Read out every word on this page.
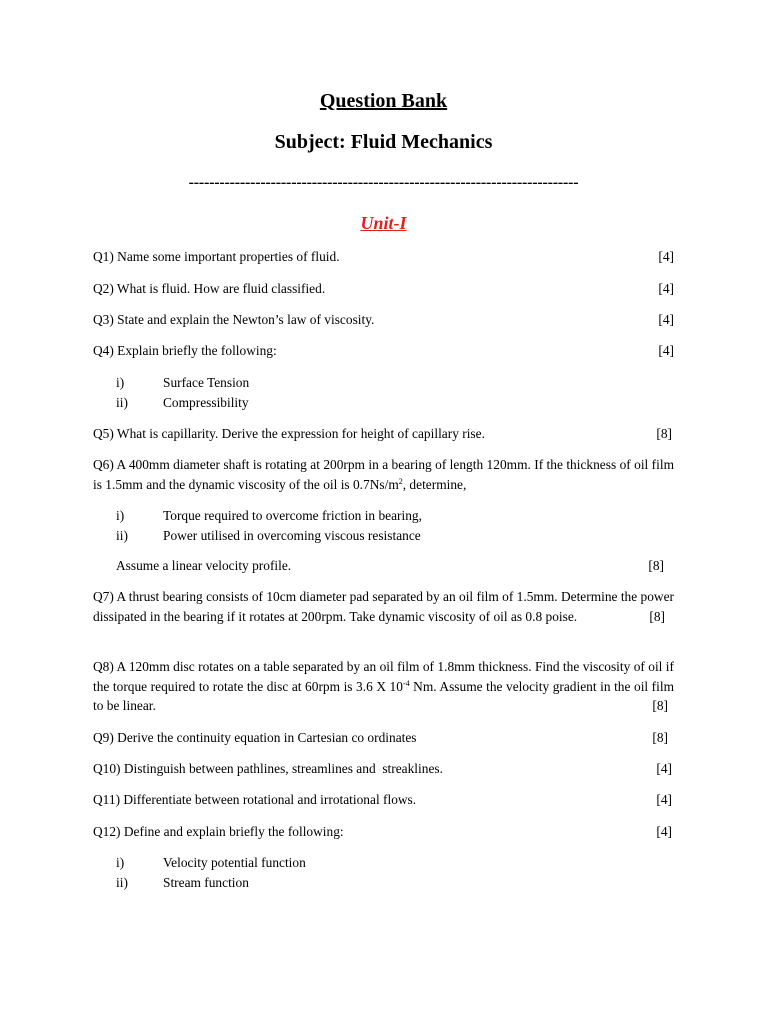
Question Bank
Subject: Fluid Mechanics
----------------------------------------------------------------------------
Unit-I
Q1) Name some important properties of fluid.	[4]
Q2) What is fluid. How are fluid classified.	[4]
Q3) State and explain the Newton’s law of viscosity.	[4]
Q4) Explain briefly the following:	[4]
i)	Surface Tension
ii)	Compressibility
Q5) What is capillarity. Derive the expression for height of capillary rise.	[8]
Q6) A 400mm diameter shaft is rotating at 200rpm in a bearing of length 120mm. If the thickness of oil film is 1.5mm and the dynamic viscosity of the oil is $0.7Ns/m^2$, determine,
i)	Torque required to overcome friction in bearing,
ii)	Power utilised in overcoming viscous resistance
Assume a linear velocity profile.	[8]
Q7) A thrust bearing consists of 10cm diameter pad separated by an oil film of 1.5mm. Determine the power dissipated in the bearing if it rotates at 200rpm. Take dynamic viscosity of oil as 0.8 poise.	[8]
Q8) A 120mm disc rotates on a table separated by an oil film of 1.8mm thickness. Find the viscosity of oil if the torque required to rotate the disc at 60rpm is 3.6 X $10^{-4}$ Nm. Assume the velocity gradient in the oil film to be linear.	[8]
Q9) Derive the continuity equation in Cartesian co ordinates	[8]
Q10) Distinguish between pathlines, streamlines and  streaklines.	[4]
Q11) Differentiate between rotational and irrotational flows.	[4]
Q12) Define and explain briefly the following:	[4]
i)	Velocity potential function
ii)	Stream function
